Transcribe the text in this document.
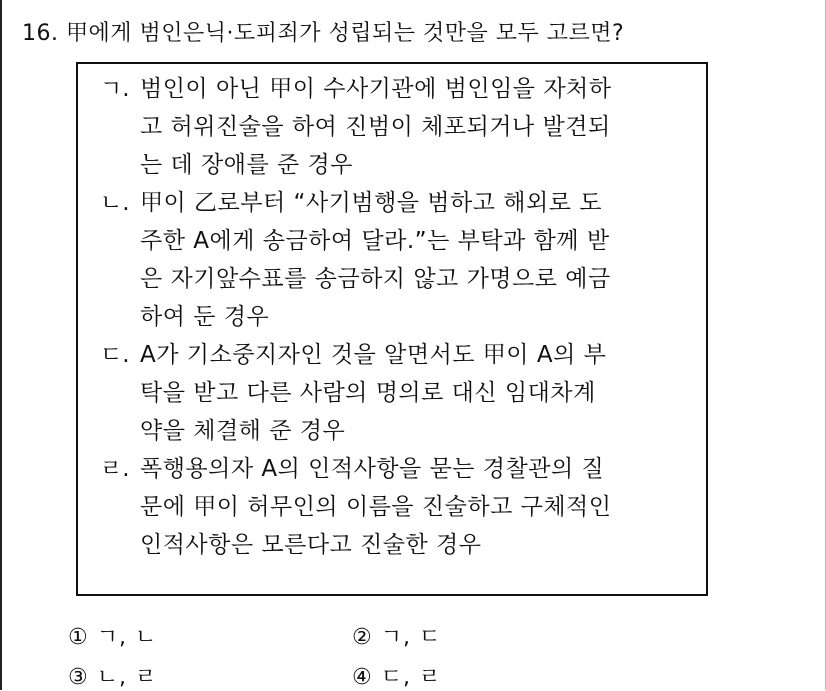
16. 甲에게 범인은닉·도피죄가 성립되는 것만을 모두 고르면?
ㄱ. 범인이 아닌 甲이 수사기관에 범인임을 자처하
고 허위진술을 하여 진범이 체포되거나 발견되
는 데 장애를 준 경우
ㄴ. 甲이 乙로부터 “사기범행을 범하고 해외로 도
주한 A에게 송금하여 달라.”는 부탁과 함께 받
은 자기앞수표를 송금하지 않고 가명으로 예금
하여 둔 경우
ㄷ. A가 기소중지자인 것을 알면서도 甲이 A의 부
탁을 받고 다른 사람의 명의로 대신 임대차계
약을 체결해 준 경우
ㄹ. 폭행용의자 A의 인적사항을 묻는 경찰관의 질
문에 甲이 허무인의 이름을 진술하고 구체적인
인적사항은 모른다고 진술한 경우
① ㄱ, ㄴ	② ㄱ, ㄷ
③ ㄴ, ㄹ	④ ㄷ, ㄹ
